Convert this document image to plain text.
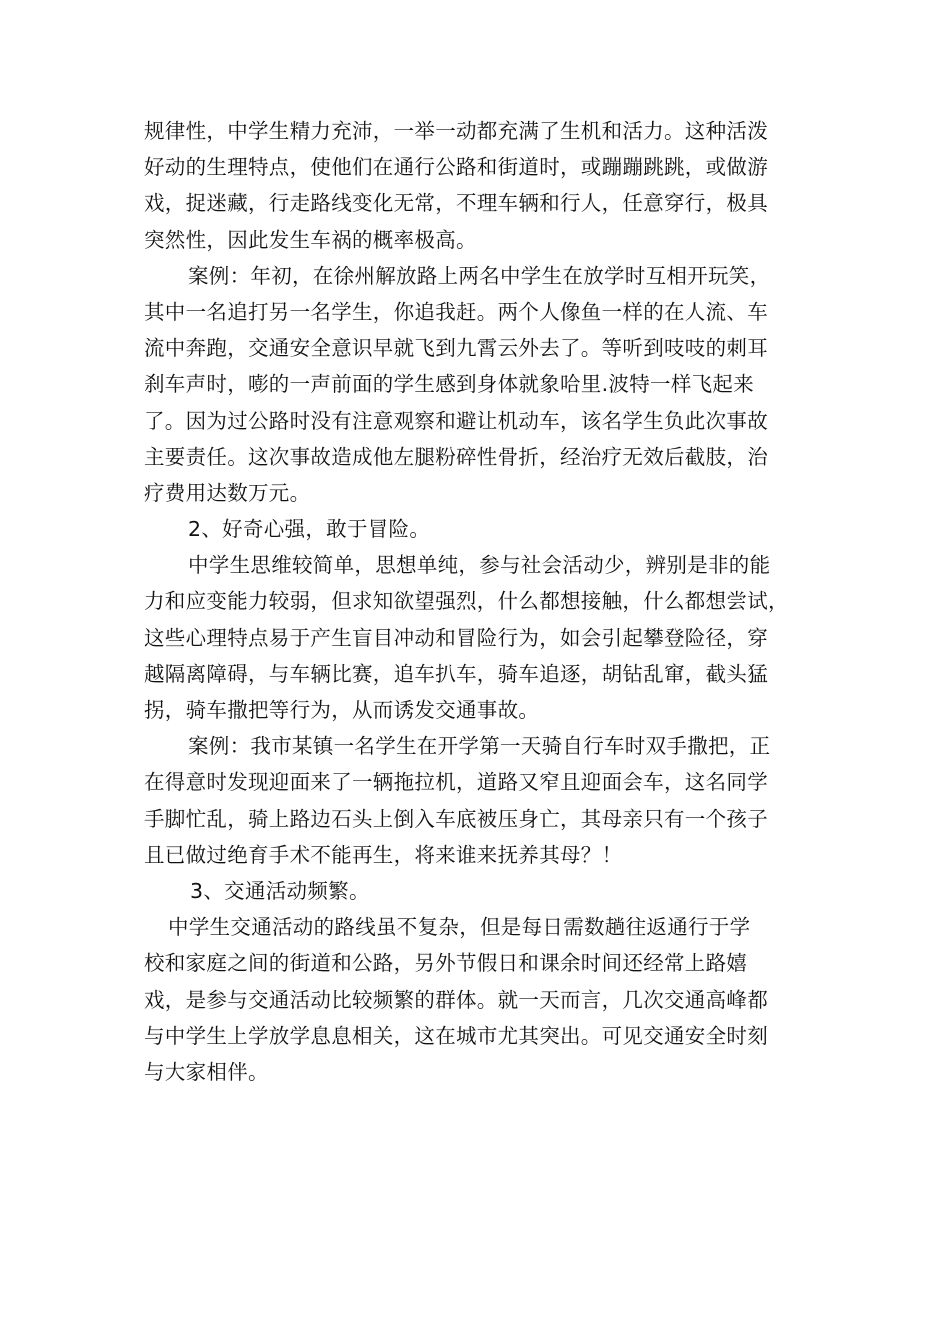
规律性，中学生精力充沛，一举一动都充满了生机和活力。这种活泼
好动的生理特点，使他们在通行公路和街道时，或蹦蹦跳跳，或做游
戏，捉迷藏，行走路线变化无常，不理车辆和行人，任意穿行，极具
突然性，因此发生车祸的概率极高。
案例：年初，在徐州解放路上两名中学生在放学时互相开玩笑，
其中一名追打另一名学生，你追我赶。两个人像鱼一样的在人流、车
流中奔跑，交通安全意识早就飞到九霄云外去了。等听到吱吱的刺耳
刹车声时，嘭的一声前面的学生感到身体就象哈里.波特一样飞起来
了。因为过公路时没有注意观察和避让机动车，该名学生负此次事故
主要责任。这次事故造成他左腿粉碎性骨折，经治疗无效后截肢，治
疗费用达数万元。
2、好奇心强，敢于冒险。
中学生思维较简单，思想单纯，参与社会活动少，辨别是非的能
力和应变能力较弱，但求知欲望强烈，什么都想接触，什么都想尝试，
这些心理特点易于产生盲目冲动和冒险行为，如会引起攀登险径，穿
越隔离障碍，与车辆比赛，追车扒车，骑车追逐，胡钻乱窜，截头猛
拐，骑车撒把等行为，从而诱发交通事故。
案例：我市某镇一名学生在开学第一天骑自行车时双手撒把，正
在得意时发现迎面来了一辆拖拉机，道路又窄且迎面会车，这名同学
手脚忙乱，骑上路边石头上倒入车底被压身亡，其母亲只有一个孩子
且已做过绝育手术不能再生，将来谁来抚养其母？！
3、交通活动频繁。
中学生交通活动的路线虽不复杂，但是每日需数趟往返通行于学
校和家庭之间的街道和公路，另外节假日和课余时间还经常上路嬉
戏，是参与交通活动比较频繁的群体。就一天而言，几次交通高峰都
与中学生上学放学息息相关，这在城市尤其突出。可见交通安全时刻
与大家相伴。
